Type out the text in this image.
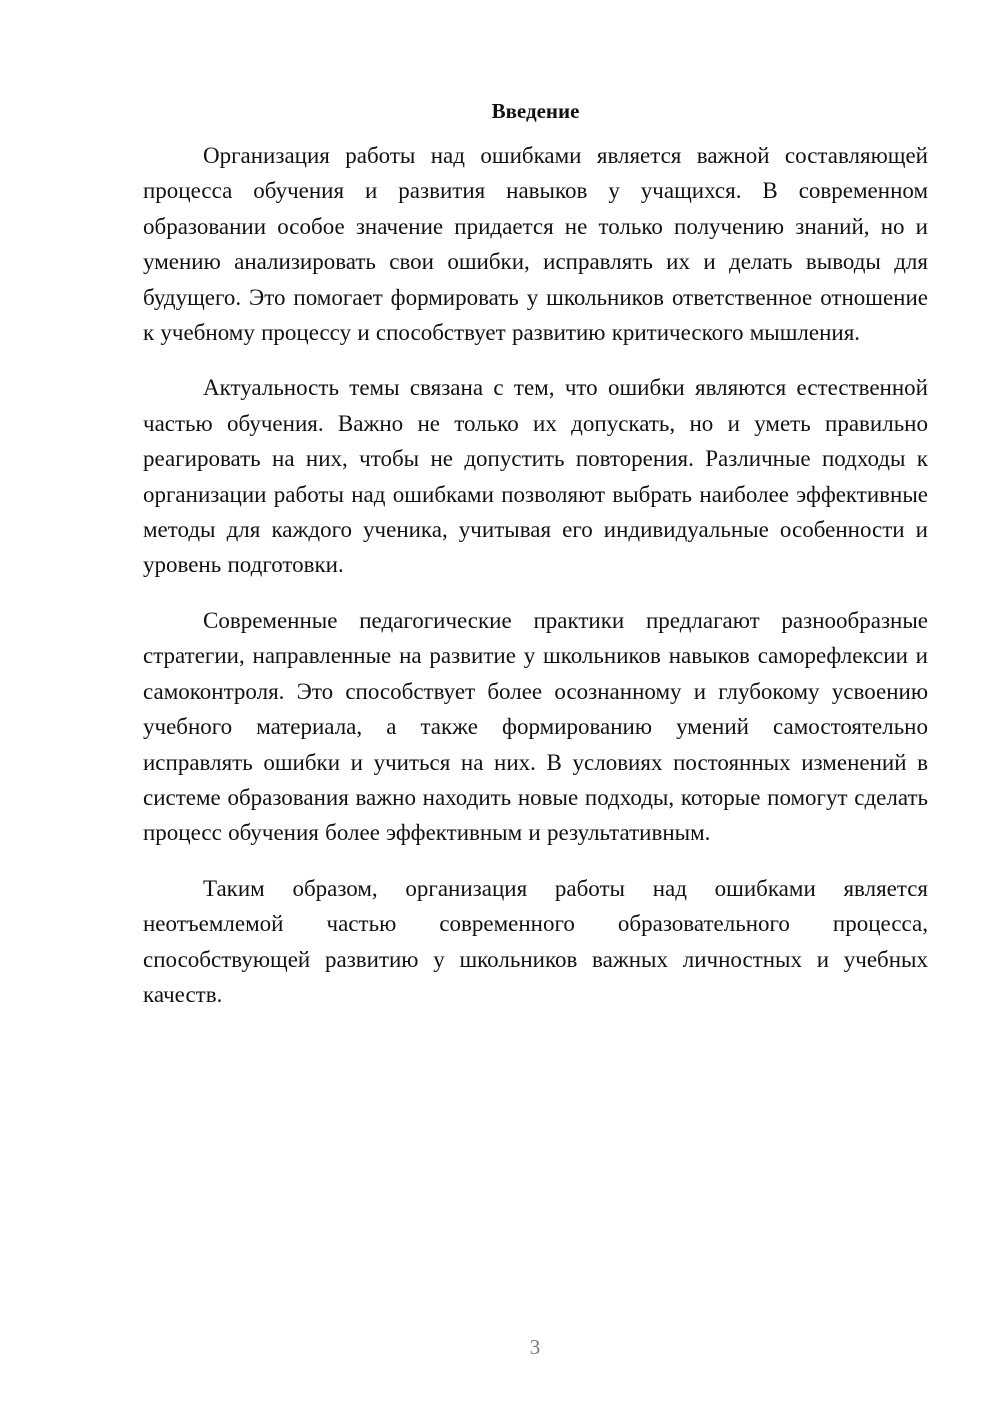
Введение

Организация работы над ошибками является важной составляющей процесса обучения и развития навыков у учащихся. В современном образовании особое значение придается не только получению знаний, но и умению анализировать свои ошибки, исправлять их и делать выводы для будущего. Это помогает формировать у школьников ответственное отношение к учебному процессу и способствует развитию критического мышления.

Актуальность темы связана с тем, что ошибки являются естественной частью обучения. Важно не только их допускать, но и уметь правильно реагировать на них, чтобы не допустить повторения. Различные подходы к организации работы над ошибками позволяют выбрать наиболее эффективные методы для каждого ученика, учитывая его индивидуальные особенности и уровень подготовки.

Современные педагогические практики предлагают разнообразные стратегии, направленные на развитие у школьников навыков саморефлексии и самоконтроля. Это способствует более осознанному и глубокому усвоению учебного материала, а также формированию умений самостоятельно исправлять ошибки и учиться на них. В условиях постоянных изменений в системе образования важно находить новые подходы, которые помогут сделать процесс обучения более эффективным и результативным.

Таким образом, организация работы над ошибками является неотъемлемой частью современного образовательного процесса, способствующей развитию у школьников важных личностных и учебных качеств.

3
